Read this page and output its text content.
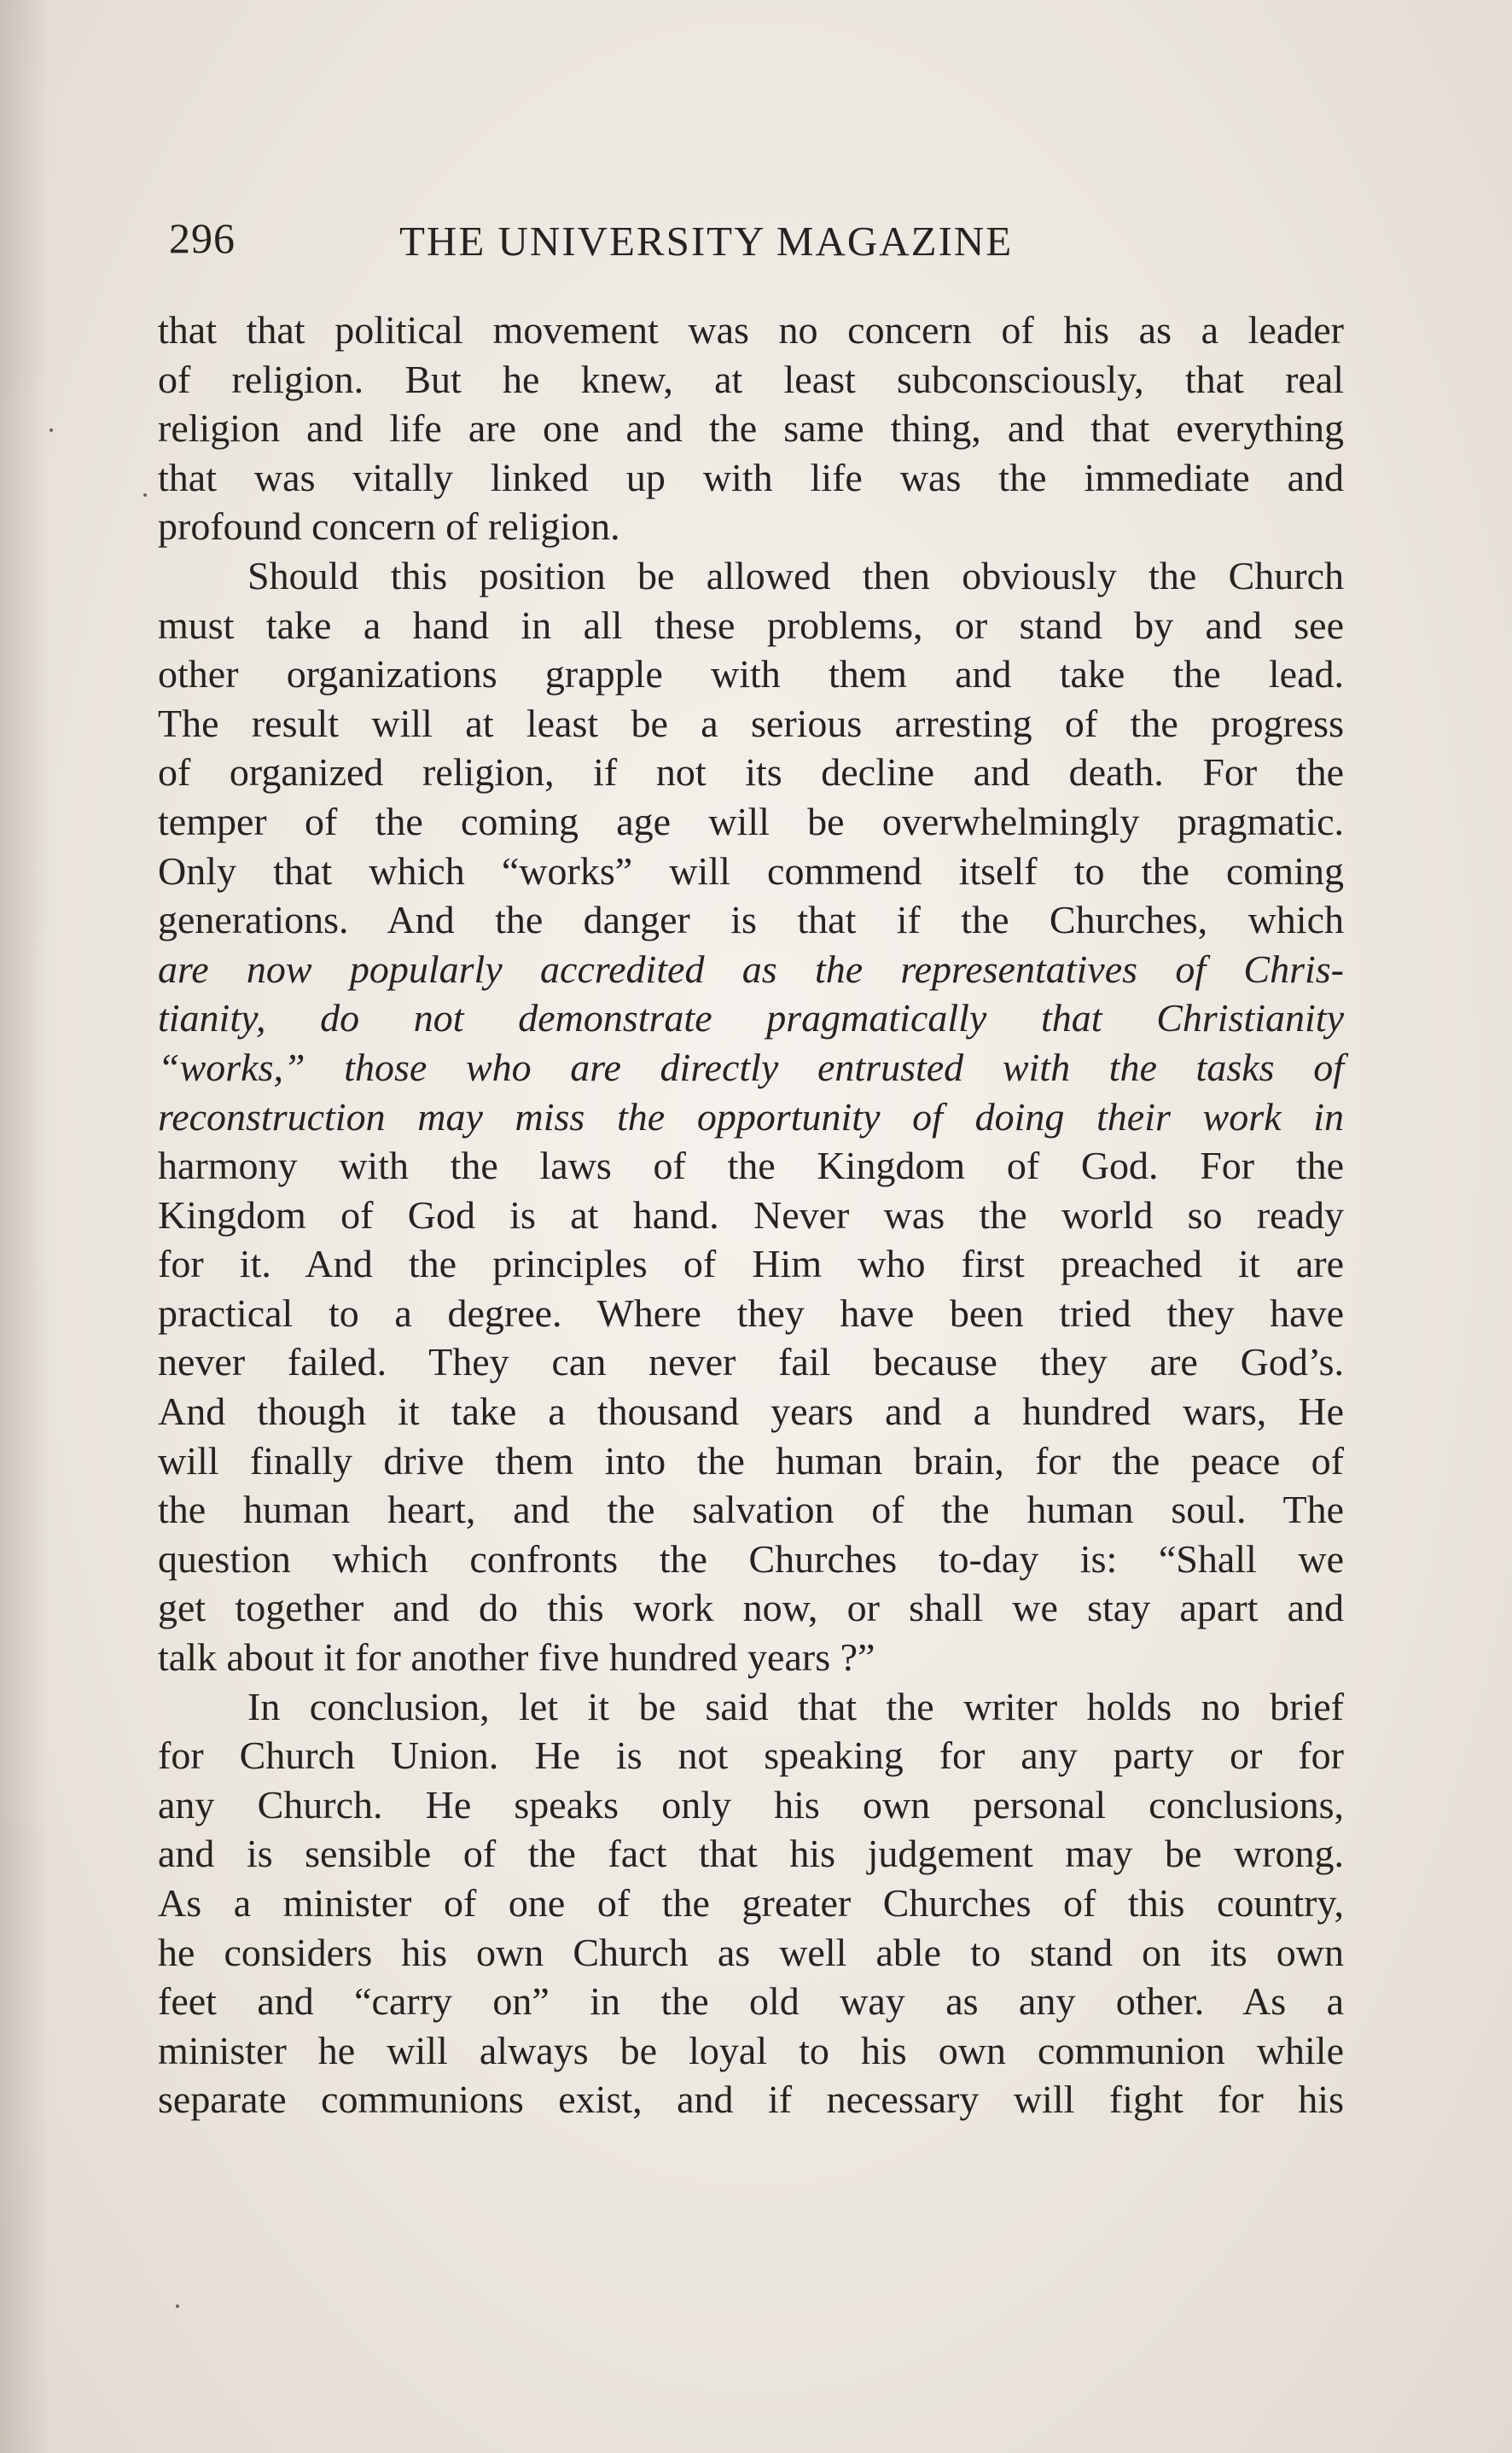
296	THE UNIVERSITY MAGAZINE
that that political movement was no concern of his as a leader
of religion. But he knew, at least subconsciously, that real
religion and life are one and the same thing, and that everything
that was vitally linked up with life was the immediate and
profound concern of religion.
Should this position be allowed then obviously the Church
must take a hand in all these problems, or stand by and see
other organizations grapple with them and take the lead.
The result will at least be a serious arresting of the progress
of organized religion, if not its decline and death. For the
temper of the coming age will be overwhelmingly pragmatic.
Only that which “works” will commend itself to the coming
generations. And the danger is that if the Churches, which
are now popularly accredited as the representatives of Chris-
tianity, do not demonstrate pragmatically that Christianity
“works,” those who are directly entrusted with the tasks of
reconstruction may miss the opportunity of doing their work in
harmony with the laws of the Kingdom of God. For the
Kingdom of God is at hand. Never was the world so ready
for it. And the principles of Him who first preached it are
practical to a degree. Where they have been tried they have
never failed. They can never fail because they are God’s.
And though it take a thousand years and a hundred wars, He
will finally drive them into the human brain, for the peace of
the human heart, and the salvation of the human soul. The
question which confronts the Churches to-day is: “Shall we
get together and do this work now, or shall we stay apart and
talk about it for another five hundred years ?”
In conclusion, let it be said that the writer holds no brief
for Church Union. He is not speaking for any party or for
any Church. He speaks only his own personal conclusions,
and is sensible of the fact that his judgement may be wrong.
As a minister of one of the greater Churches of this country,
he considers his own Church as well able to stand on its own
feet and “carry on” in the old way as any other. As a
minister he will always be loyal to his own communion while
separate communions exist, and if necessary will fight for his
